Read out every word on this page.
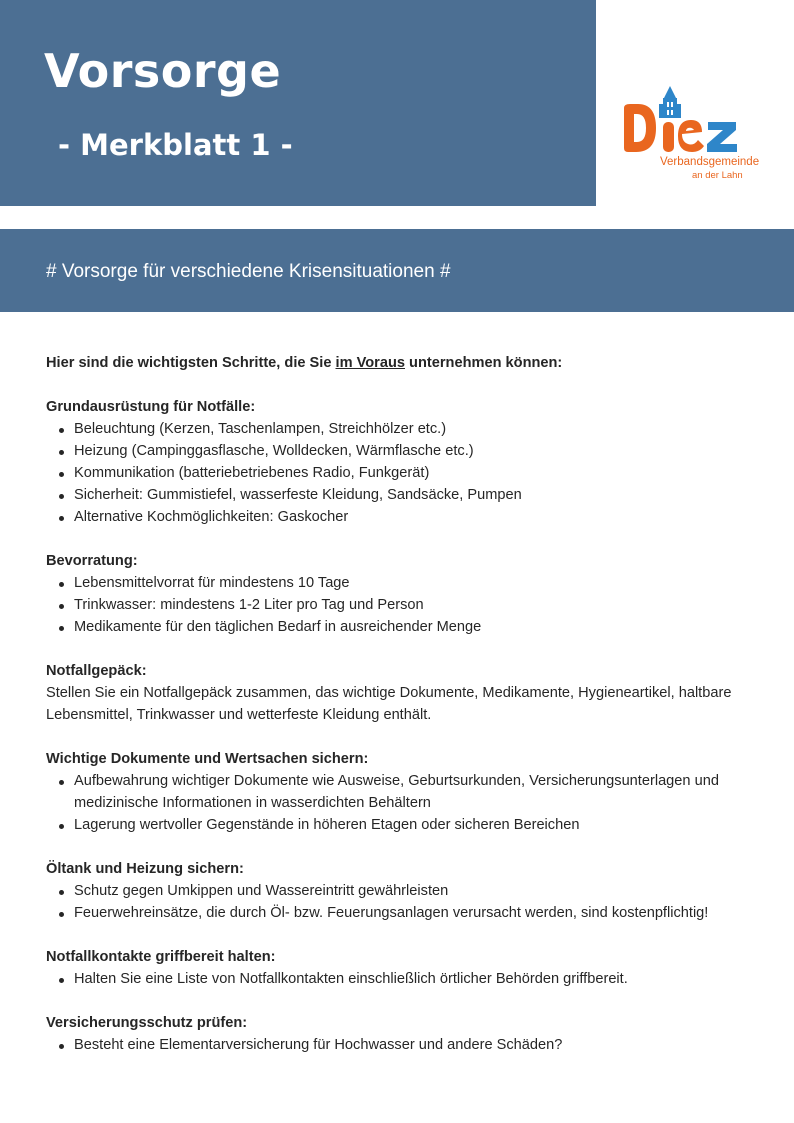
Vorsorge
- Merkblatt 1 -	Verbandsgemeinde
an der Lahn
# Vorsorge für verschiedene Krisensituationen #

Hier sind die wichtigsten Schritte, die Sie im Voraus unternehmen können:

Grundausrüstung für Notfälle:

Beleuchtung (Kerzen, Taschenlampen, Streichhölzer etc.)
Heizung (Campinggasflasche, Wolldecken, Wärmflasche etc.)
Kommunikation (batteriebetriebenes Radio, Funkgerät)
Sicherheit: Gummistiefel, wasserfeste Kleidung, Sandsäcke, Pumpen
Alternative Kochmöglichkeiten: Gaskocher

Bevorratung:

Lebensmittelvorrat für mindestens 10 Tage
Trinkwasser: mindestens 1-2 Liter pro Tag und Person
Medikamente für den täglichen Bedarf in ausreichender Menge

Notfallgepäck:

Stellen Sie ein Notfallgepäck zusammen, das wichtige Dokumente, Medikamente, Hygieneartikel, haltbare Lebensmittel, Trinkwasser und wetterfeste Kleidung enthält.

Wichtige Dokumente und Wertsachen sichern:

Aufbewahrung wichtiger Dokumente wie Ausweise, Geburtsurkunden, Versicherungsunterlagen und medizinische Informationen in wasserdichten Behältern
Lagerung wertvoller Gegenstände in höheren Etagen oder sicheren Bereichen

Öltank und Heizung sichern:

Schutz gegen Umkippen und Wassereintritt gewährleisten
Feuerwehreinsätze, die durch Öl- bzw. Feuerungsanlagen verursacht werden, sind kostenpflichtig!

Notfallkontakte griffbereit halten:

Halten Sie eine Liste von Notfallkontakten einschließlich örtlicher Behörden griffbereit.

Versicherungsschutz prüfen:

Besteht eine Elementarversicherung für Hochwasser und andere Schäden?
